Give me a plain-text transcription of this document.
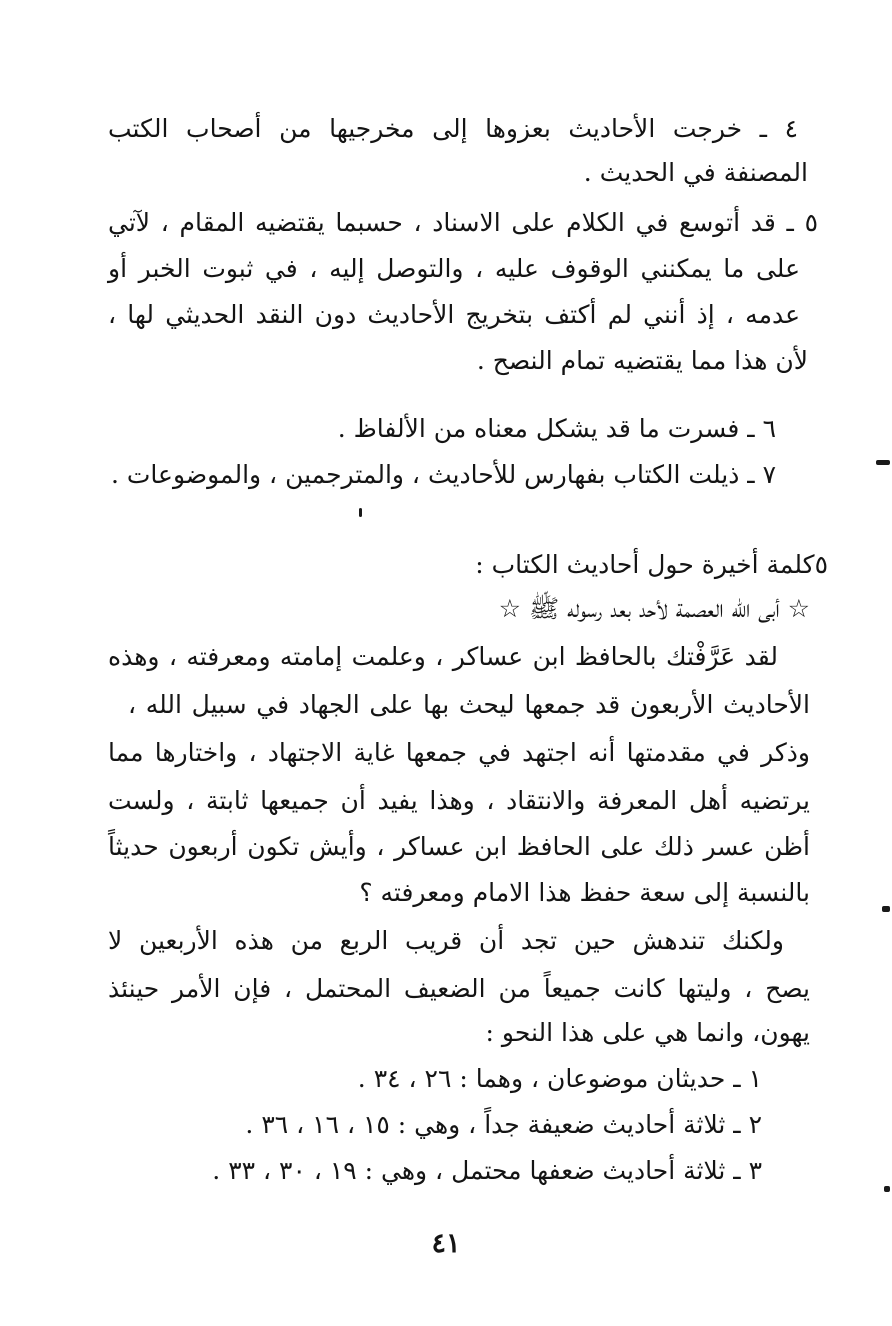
٤ ـ خرجت الأحاديث بعزوها إلى مخرجيها من أصحاب الكتب
المصنفة في الحديث .
٥ ـ قد أتوسع في الكلام على الاسناد ، حسبما يقتضيه المقام ، لآتي
على ما يمكنني الوقوف عليه ، والتوصل إليه ، في ثبوت الخبر أو
عدمه ، إذ أنني لم أكتف بتخريج الأحاديث دون النقد الحديثي لها ،
لأن هذا مما يقتضيه تمام النصح .
٦ ـ فسرت ما قد يشكل معناه من الألفاظ .
٧ ـ ذيلت الكتاب بفهارس للأحاديث ، والمترجمين ، والموضوعات .
٥كلمة أخيرة حول أحاديث الكتاب :
☆ أبى الله العصمة لأحد بعد رسوله ﷺ ☆
لقد عَرَّفْتك بالحافظ ابن عساكر ، وعلمت إمامته ومعرفته ، وهذه
الأحاديث الأربعون قد جمعها ليحث بها على الجهاد في سبيل الله ،
وذكر في مقدمتها أنه اجتهد في جمعها غاية الاجتهاد ، واختارها مما
يرتضيه أهل المعرفة والانتقاد ، وهذا يفيد أن جميعها ثابتة ، ولست
أظن عسر ذلك على الحافظ ابن عساكر ، وأيش تكون أربعون حديثاً
بالنسبة إلى سعة حفظ هذا الامام ومعرفته ؟
ولكنك تندهش حين تجد أن قريب الربع من هذه الأربعين لا
يصح ، وليتها كانت جميعاً من الضعيف المحتمل ، فإن الأمر حينئذ
يهون، وانما هي على هذا النحو :
١ ـ حديثان موضوعان ، وهما : ٢٦ ، ٣٤ .
٢ ـ ثلاثة أحاديث ضعيفة جداً ، وهي : ١٥ ، ١٦ ، ٣٦ .
٣ ـ ثلاثة أحاديث ضعفها محتمل ، وهي : ١٩ ، ٣٠ ، ٣٣ .
٤١
